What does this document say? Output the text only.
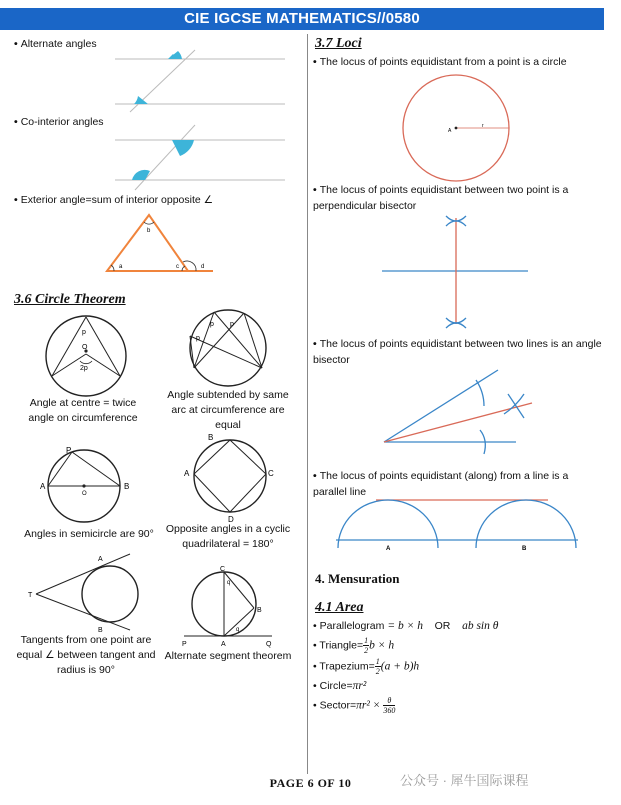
CIE IGCSE MATHEMATICS//0580
• Alternate angles
• Co-interior angles
• Exterior angle=sum of interior opposite ∠
a
b
c	d
3.6 Circle Theorem
p
O
2p
Angle at centre = twice angle on circumference
p
p
p
Angle subtended by same arc at circumference are equal
A	B
P
O
Angles in semicircle are 90°
B
C
D
A
Opposite angles in a cyclic quadrilateral = 180°
T
A
B
Tangents from one point are equal ∠ between tangent and radius is 90°
C
B
P	A	Q
q
q
Alternate segment theorem
3.7 Loci
• The locus of points equidistant from a point is a circle
A
r
• The locus of points equidistant between two point is a perpendicular bisector
• The locus of points equidistant between two lines is an angle bisector
• The locus of points equidistant (along) from a line is a parallel line
A	B
4. Mensuration
4.1 Area
• Parallelogram = b × h OR ab sin θ
• Triangle= $\frac{1}{2}$ b × h
• Trapezium= $\frac{1}{2} (a + b)h$
• Circle=πr²
• Sector=πr² × $\frac{\theta}{360}$
PAGE 6 OF 10	公众号 · 犀牛国际课程
